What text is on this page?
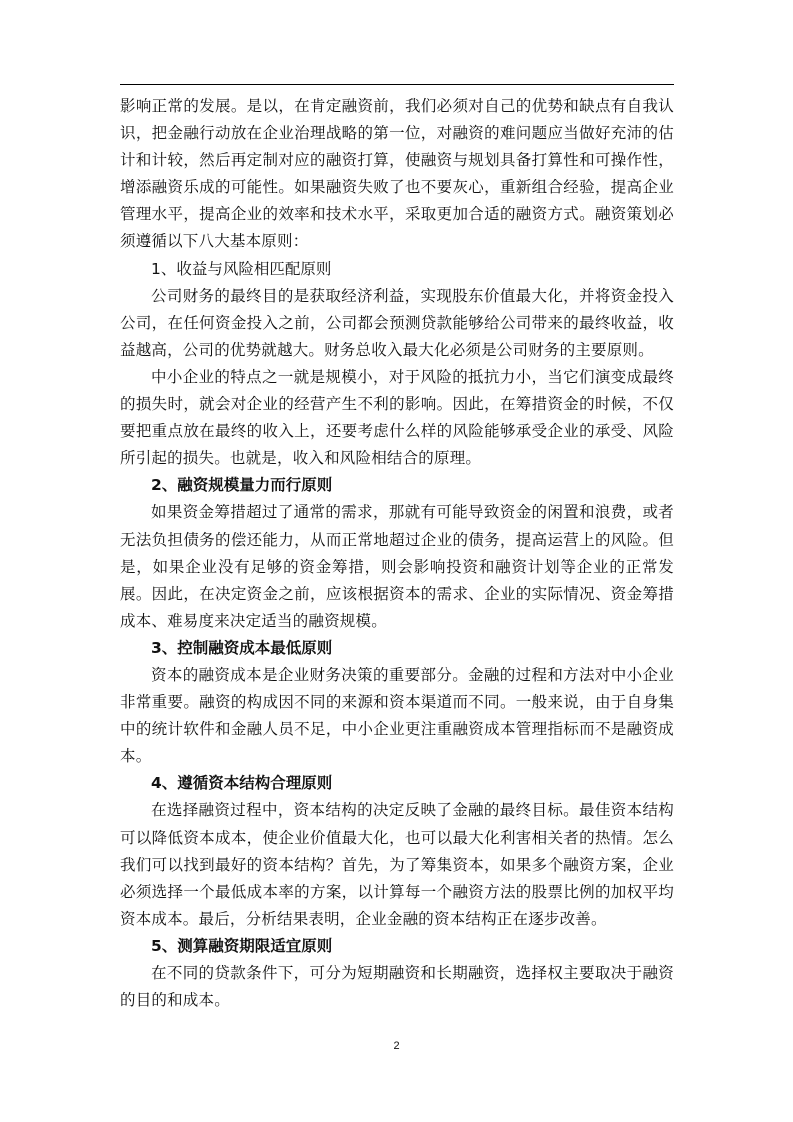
影响正常的发展。是以，在肯定融资前，我们必须对自己的优势和缺点有自我认识，把金融行动放在企业治理战略的第一位，对融资的难问题应当做好充沛的估计和计较，然后再定制对应的融资打算，使融资与规划具备打算性和可操作性，增添融资乐成的可能性。如果融资失败了也不要灰心，重新组合经验，提高企业管理水平，提高企业的效率和技术水平，采取更加合适的融资方式。融资策划必须遵循以下八大基本原则：

1、收益与风险相匹配原则

公司财务的最终目的是获取经济利益，实现股东价值最大化，并将资金投入公司，在任何资金投入之前，公司都会预测贷款能够给公司带来的最终收益，收益越高，公司的优势就越大。财务总收入最大化必须是公司财务的主要原则。

中小企业的特点之一就是规模小，对于风险的抵抗力小，当它们演变成最终的损失时，就会对企业的经营产生不利的影响。因此，在筹措资金的时候，不仅要把重点放在最终的收入上，还要考虑什么样的风险能够承受企业的承受、风险所引起的损失。也就是，收入和风险相结合的原理。

2、融资规模量力而行原则

如果资金筹措超过了通常的需求，那就有可能导致资金的闲置和浪费，或者无法负担债务的偿还能力，从而正常地超过企业的债务，提高运营上的风险。但是，如果企业没有足够的资金筹措，则会影响投资和融资计划等企业的正常发展。因此，在决定资金之前，应该根据资本的需求、企业的实际情况、资金筹措成本、难易度来决定适当的融资规模。

3、控制融资成本最低原则

资本的融资成本是企业财务决策的重要部分。金融的过程和方法对中小企业非常重要。融资的构成因不同的来源和资本渠道而不同。一般来说，由于自身集中的统计软件和金融人员不足，中小企业更注重融资成本管理指标而不是融资成本。

4、遵循资本结构合理原则

在选择融资过程中，资本结构的决定反映了金融的最终目标。最佳资本结构可以降低资本成本，使企业价值最大化，也可以最大化利害相关者的热情。怎么我们可以找到最好的资本结构？首先，为了筹集资本，如果多个融资方案，企业必须选择一个最低成本率的方案，以计算每一个融资方法的股票比例的加权平均资本成本。最后，分析结果表明，企业金融的资本结构正在逐步改善。

5、测算融资期限适宜原则

在不同的贷款条件下，可分为短期融资和长期融资，选择权主要取决于融资的目的和成本。

2
